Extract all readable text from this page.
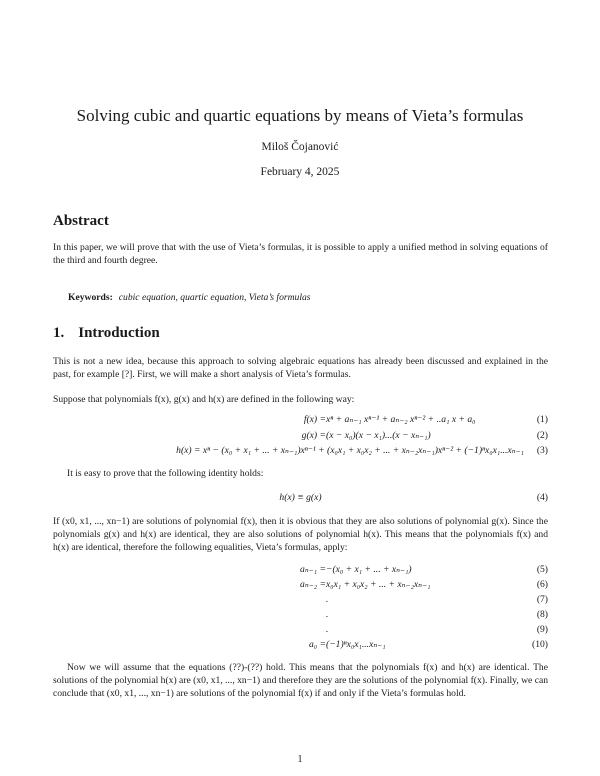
Solving cubic and quartic equations by means of Vieta’s formulas
Miloš Čojanović
February 4, 2025
Abstract
In this paper, we will prove that with the use of Vieta’s formulas, it is possible to apply a unified method in solving equations of the third and fourth degree.
Keywords: cubic equation, quartic equation, Vieta’s formulas
1. Introduction
This is not a new idea, because this approach to solving algebraic equations has already been discussed and explained in the past, for example [?]. First, we will make a short analysis of Vieta’s formulas.
Suppose that polynomials f(x), g(x) and h(x) are defined in the following way:
f(x) = xⁿ + aₙ₋₁ xⁿ⁻¹ + aₙ₋₂ xⁿ⁻² + ..a₁ x + a₀	(1)
g(x) = (x − x₀)(x − x₁)...(x − xₙ₋₁)	(2)
h(x) = xⁿ − (x₀ + x₁ + ... + xₙ₋₁)xⁿ⁻¹ + (x₀x₁ + x₀x₂ + ... + xₙ₋₂xₙ₋₁)xⁿ⁻² + (−1)ⁿx₀x₁...xₙ₋₁ (3)
It is easy to prove that the following identity holds:
h(x) ≡ g(x)	(4)
If (x0, x1, ..., xn−1) are solutions of polynomial f(x), then it is obvious that they are also solutions of polynomial g(x). Since the polynomials g(x) and h(x) are identical, they are also solutions of polynomial h(x). This means that the polynomials f(x) and h(x) are identical, therefore the following equalities, Vieta’s formulas, apply:
aₙ₋₁ = −(x₀ + x₁ + ... + xₙ₋₁)	(5)
aₙ₋₂ = x₀x₁ + x₀x₂ + ... + xₙ₋₂xₙ₋₁	(6)
.	(7)
.	(8)
.	(9)
a₀ = (−1)ⁿx₀x₁...xₙ₋₁	(10)
Now we will assume that the equations (??)-(??) hold. This means that the polynomials f(x) and h(x) are identical. The solutions of the polynomial h(x) are (x0, x1, ..., xn−1) and therefore they are the solutions of the polynomial f(x). Finally, we can conclude that (x0, x1, ..., xn−1) are solutions of the polynomial f(x) if and only if the Vieta’s formulas hold.
1
